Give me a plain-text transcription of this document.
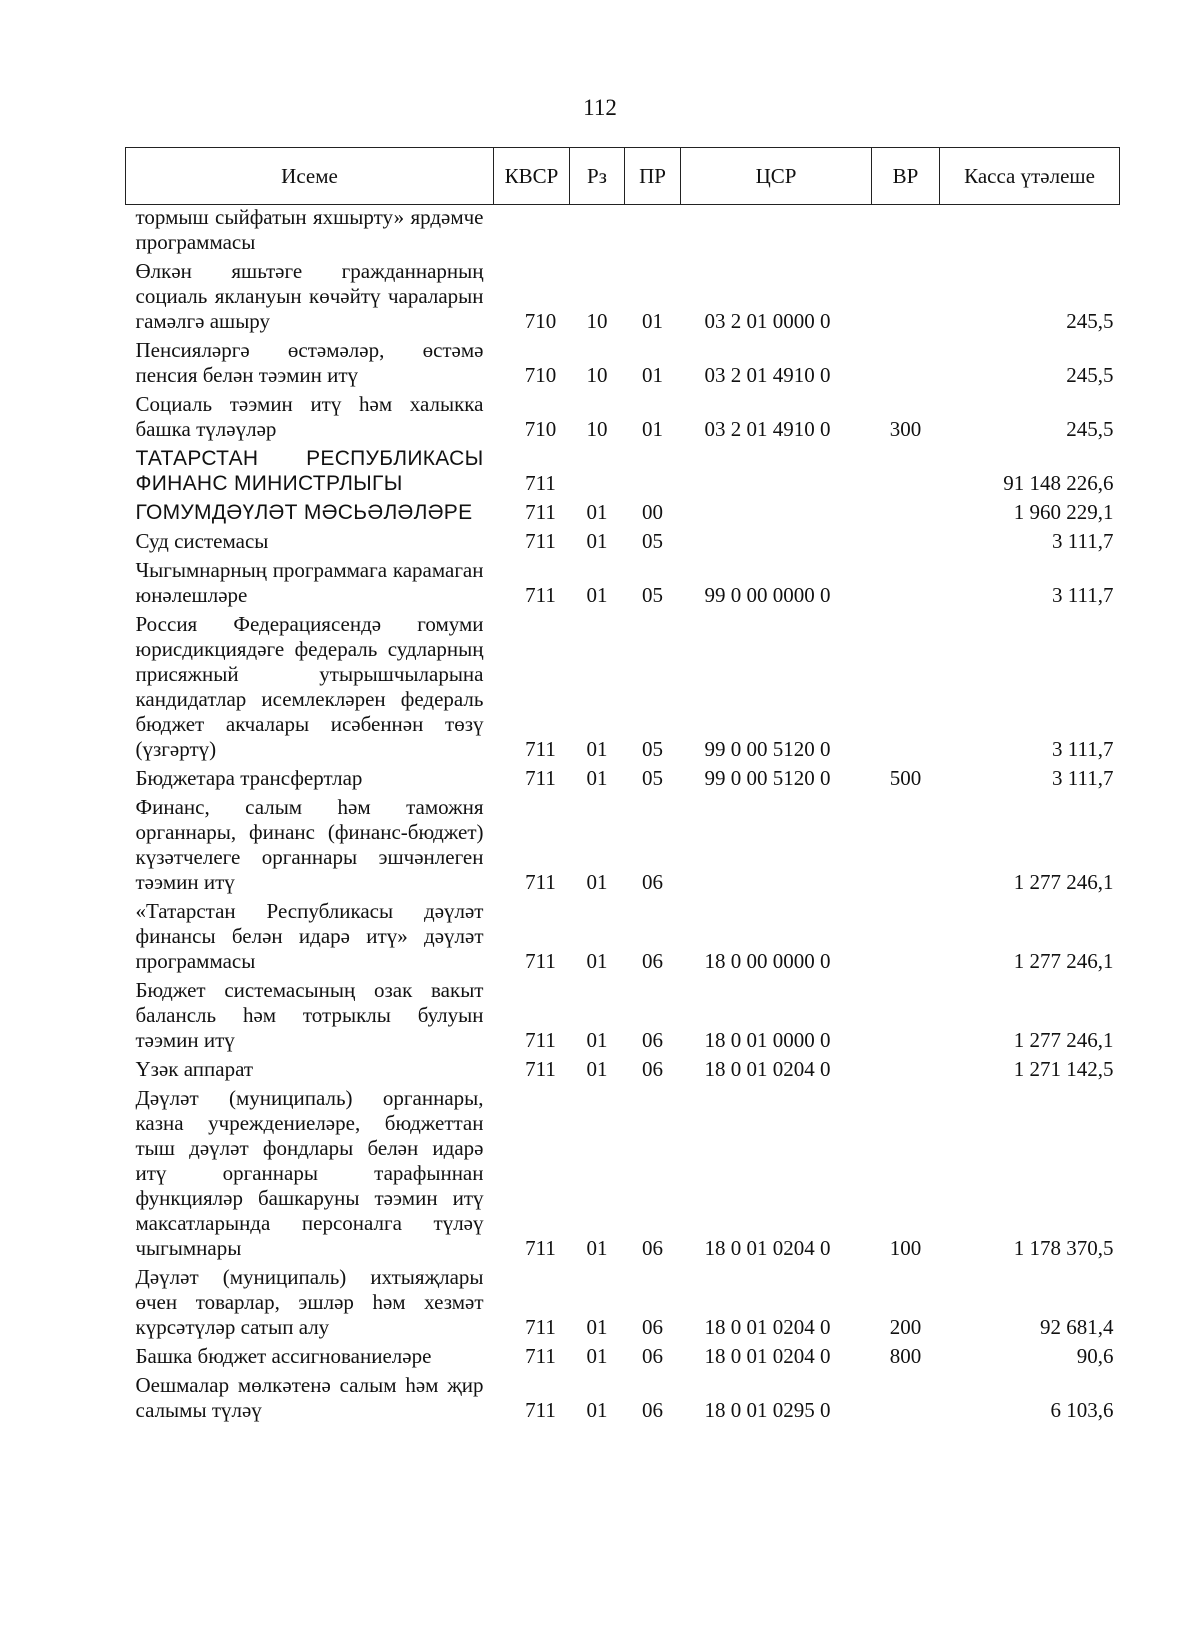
112
Исеме	КВСР	Рз	ПР	ЦСР	ВР	Касса үтәлеше
тормыш сыйфатын яхшырту» ярдәмче программасы						
Өлкән яшьтәге гражданнарның социаль яклануын көчәйтү чараларын гамәлгә ашыру	710	10	01	03 2 01 0000 0		245,5
Пенсияләргә өстәмәләр, өстәмә пенсия белән тәэмин итү	710	10	01	03 2 01 4910 0		245,5
Социаль тәэмин итү һәм халыкка башка түләүләр	710	10	01	03 2 01 4910 0	300	245,5
ТАТАРСТАН РЕСПУБЛИКАСЫ ФИНАНС МИНИСТРЛЫГЫ	711					91 148 226,6
ГОМУМДӘҮЛӘТ МӘСЬӘЛӘЛӘРЕ	711	01	00			1 960 229,1
Суд системасы	711	01	05			3 111,7
Чыгымнарның программага карамаган юнәлешләре	711	01	05	99 0 00 0000 0		3 111,7
Россия Федерациясендә гомуми юрисдикциядәге федераль судларның присяжный утырышчыларына кандидатлар исемлекләрен федераль бюджет акчалары исәбеннән төзү (үзгәртү)	711	01	05	99 0 00 5120 0		3 111,7
Бюджетара трансфертлар	711	01	05	99 0 00 5120 0	500	3 111,7
Финанс, салым һәм таможня органнары, финанс (финанс-бюджет) күзәтчелеге органнары эшчәнлеген тәэмин итү	711	01	06			1 277 246,1
«Татарстан Республикасы дәүләт финансы белән идарә итү» дәүләт программасы	711	01	06	18 0 00 0000 0		1 277 246,1
Бюджет системасының озак вакыт балансль һәм тотрыклы булуын тәэмин итү	711	01	06	18 0 01 0000 0		1 277 246,1
Үзәк аппарат	711	01	06	18 0 01 0204 0		1 271 142,5
Дәүләт (муниципаль) органнары, казна учреждениеләре, бюджеттан тыш дәүләт фондлары белән идарә итү органнары тарафыннан функцияләр башкаруны тәэмин итү максатларында персоналга түләү чыгымнары	711	01	06	18 0 01 0204 0	100	1 178 370,5
Дәүләт (муниципаль) ихтыяҗлары өчен товарлар, эшләр һәм хезмәт күрсәтүләр сатып алу	711	01	06	18 0 01 0204 0	200	92 681,4
Башка бюджет ассигнованиеләре	711	01	06	18 0 01 0204 0	800	90,6
Оешмалар мөлкәтенә салым һәм җир салымы түләү	711	01	06	18 0 01 0295 0		6 103,6
